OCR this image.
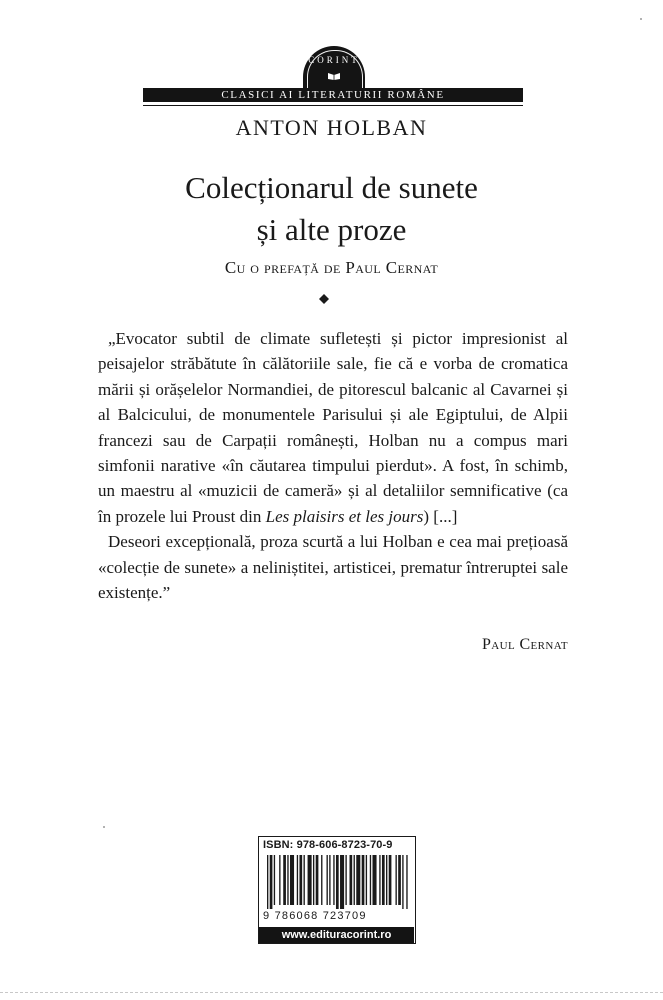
CORINT
CLASICI AI LITERATURII ROMÂNE
ANTON HOLBAN
Colecționarul de sunete
și alte proze
Cu o prefață de Paul Cernat

„Evocator subtil de climate sufletești și pictor impresionist al peisajelor străbătute în călătoriile sale, fie că e vorba de cromatica mării și orășelelor Normandiei, de pitorescul balcanic al Cavarnei și al Balcicului, de monumentele Parisului și ale Egiptului, de Alpii francezi sau de Carpații românești, Holban nu a compus mari simfonii narative «în căutarea timpului pierdut». A fost, în schimb, un maestru al «muzicii de cameră» și al detaliilor semnificative (ca în prozele lui Proust din Les plaisirs et les jours) [...]

Deseori excepțională, proza scurtă a lui Holban e cea mai prețioasă «colecție de sunete» a neliniștitei, artisticei, prematur întreruptei sale existențe.”

Paul Cernat
ISBN: 978-606-8723-70-9
9 786068 723709
www.edituracorint.ro
